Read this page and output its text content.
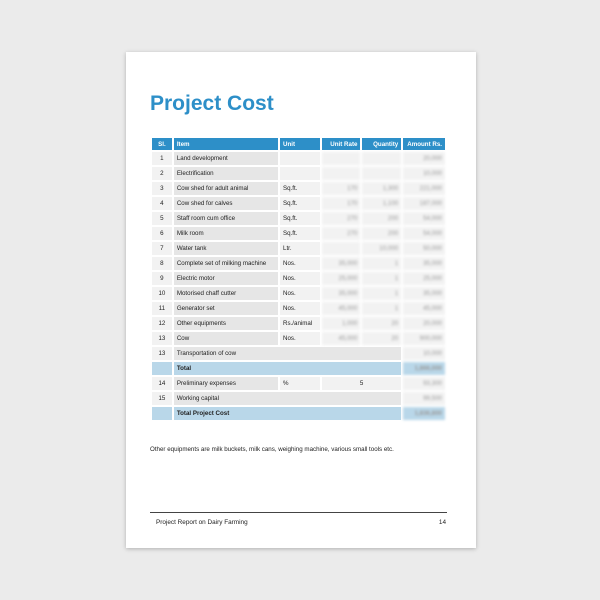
Project Cost
Sl.	Item	Unit	Unit Rate	Quantity	Amount Rs.
1	Land development				20,000
2	Electrification				10,000
3	Cow shed for adult animal	Sq.ft.	170	1,300	221,000
4	Cow shed for calves	Sq.ft.	170	1,100	187,000
5	Staff room cum office	Sq.ft.	270	200	54,000
6	Milk room	Sq.ft.	270	200	54,000
7	Water tank	Ltr.		10,000	50,000
8	Complete set of milking machine	Nos.	35,000	1	35,000
9	Electric motor	Nos.	25,000	1	25,000
10	Motorised chaff cutter	Nos.	35,000	1	35,000
11	Generator set	Nos.	45,000	1	45,000
12	Other equipments	Rs./animal	1,000	20	20,000
13	Cow	Nos.	45,000	20	900,000
13	Transportation of cow				10,000
	Total				1,866,000
14	Preliminary expenses	%	5		93,300
15	Working capital				99,500
	Total Project Cost				1,836,800

Other equipments are milk buckets, milk cans, weighing machine, various small tools etc.

Project Report on Dairy Farming	14
